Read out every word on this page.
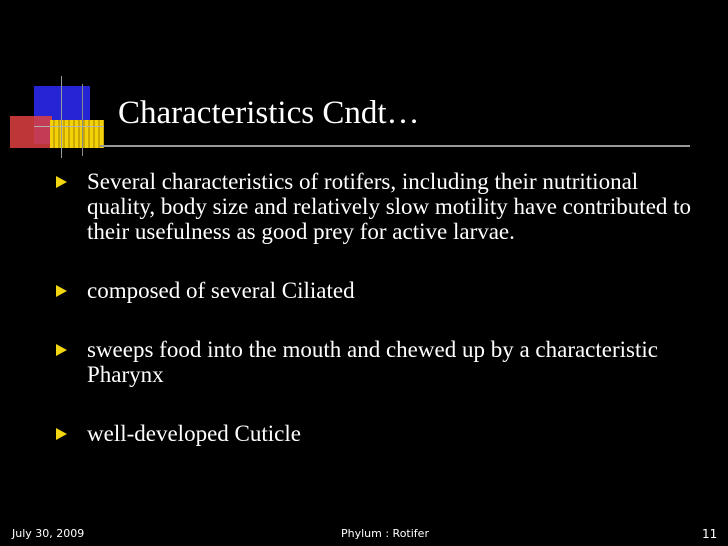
Characteristics Cndt…
Several characteristics of rotifers, including their nutritional quality, body size and relatively slow motility have contributed to their usefulness as good prey for active larvae.
composed of several Ciliated
sweeps food into the mouth and chewed up by a characteristic Pharynx
well-developed Cuticle
July 30, 2009	Phylum : Rotifer	11
